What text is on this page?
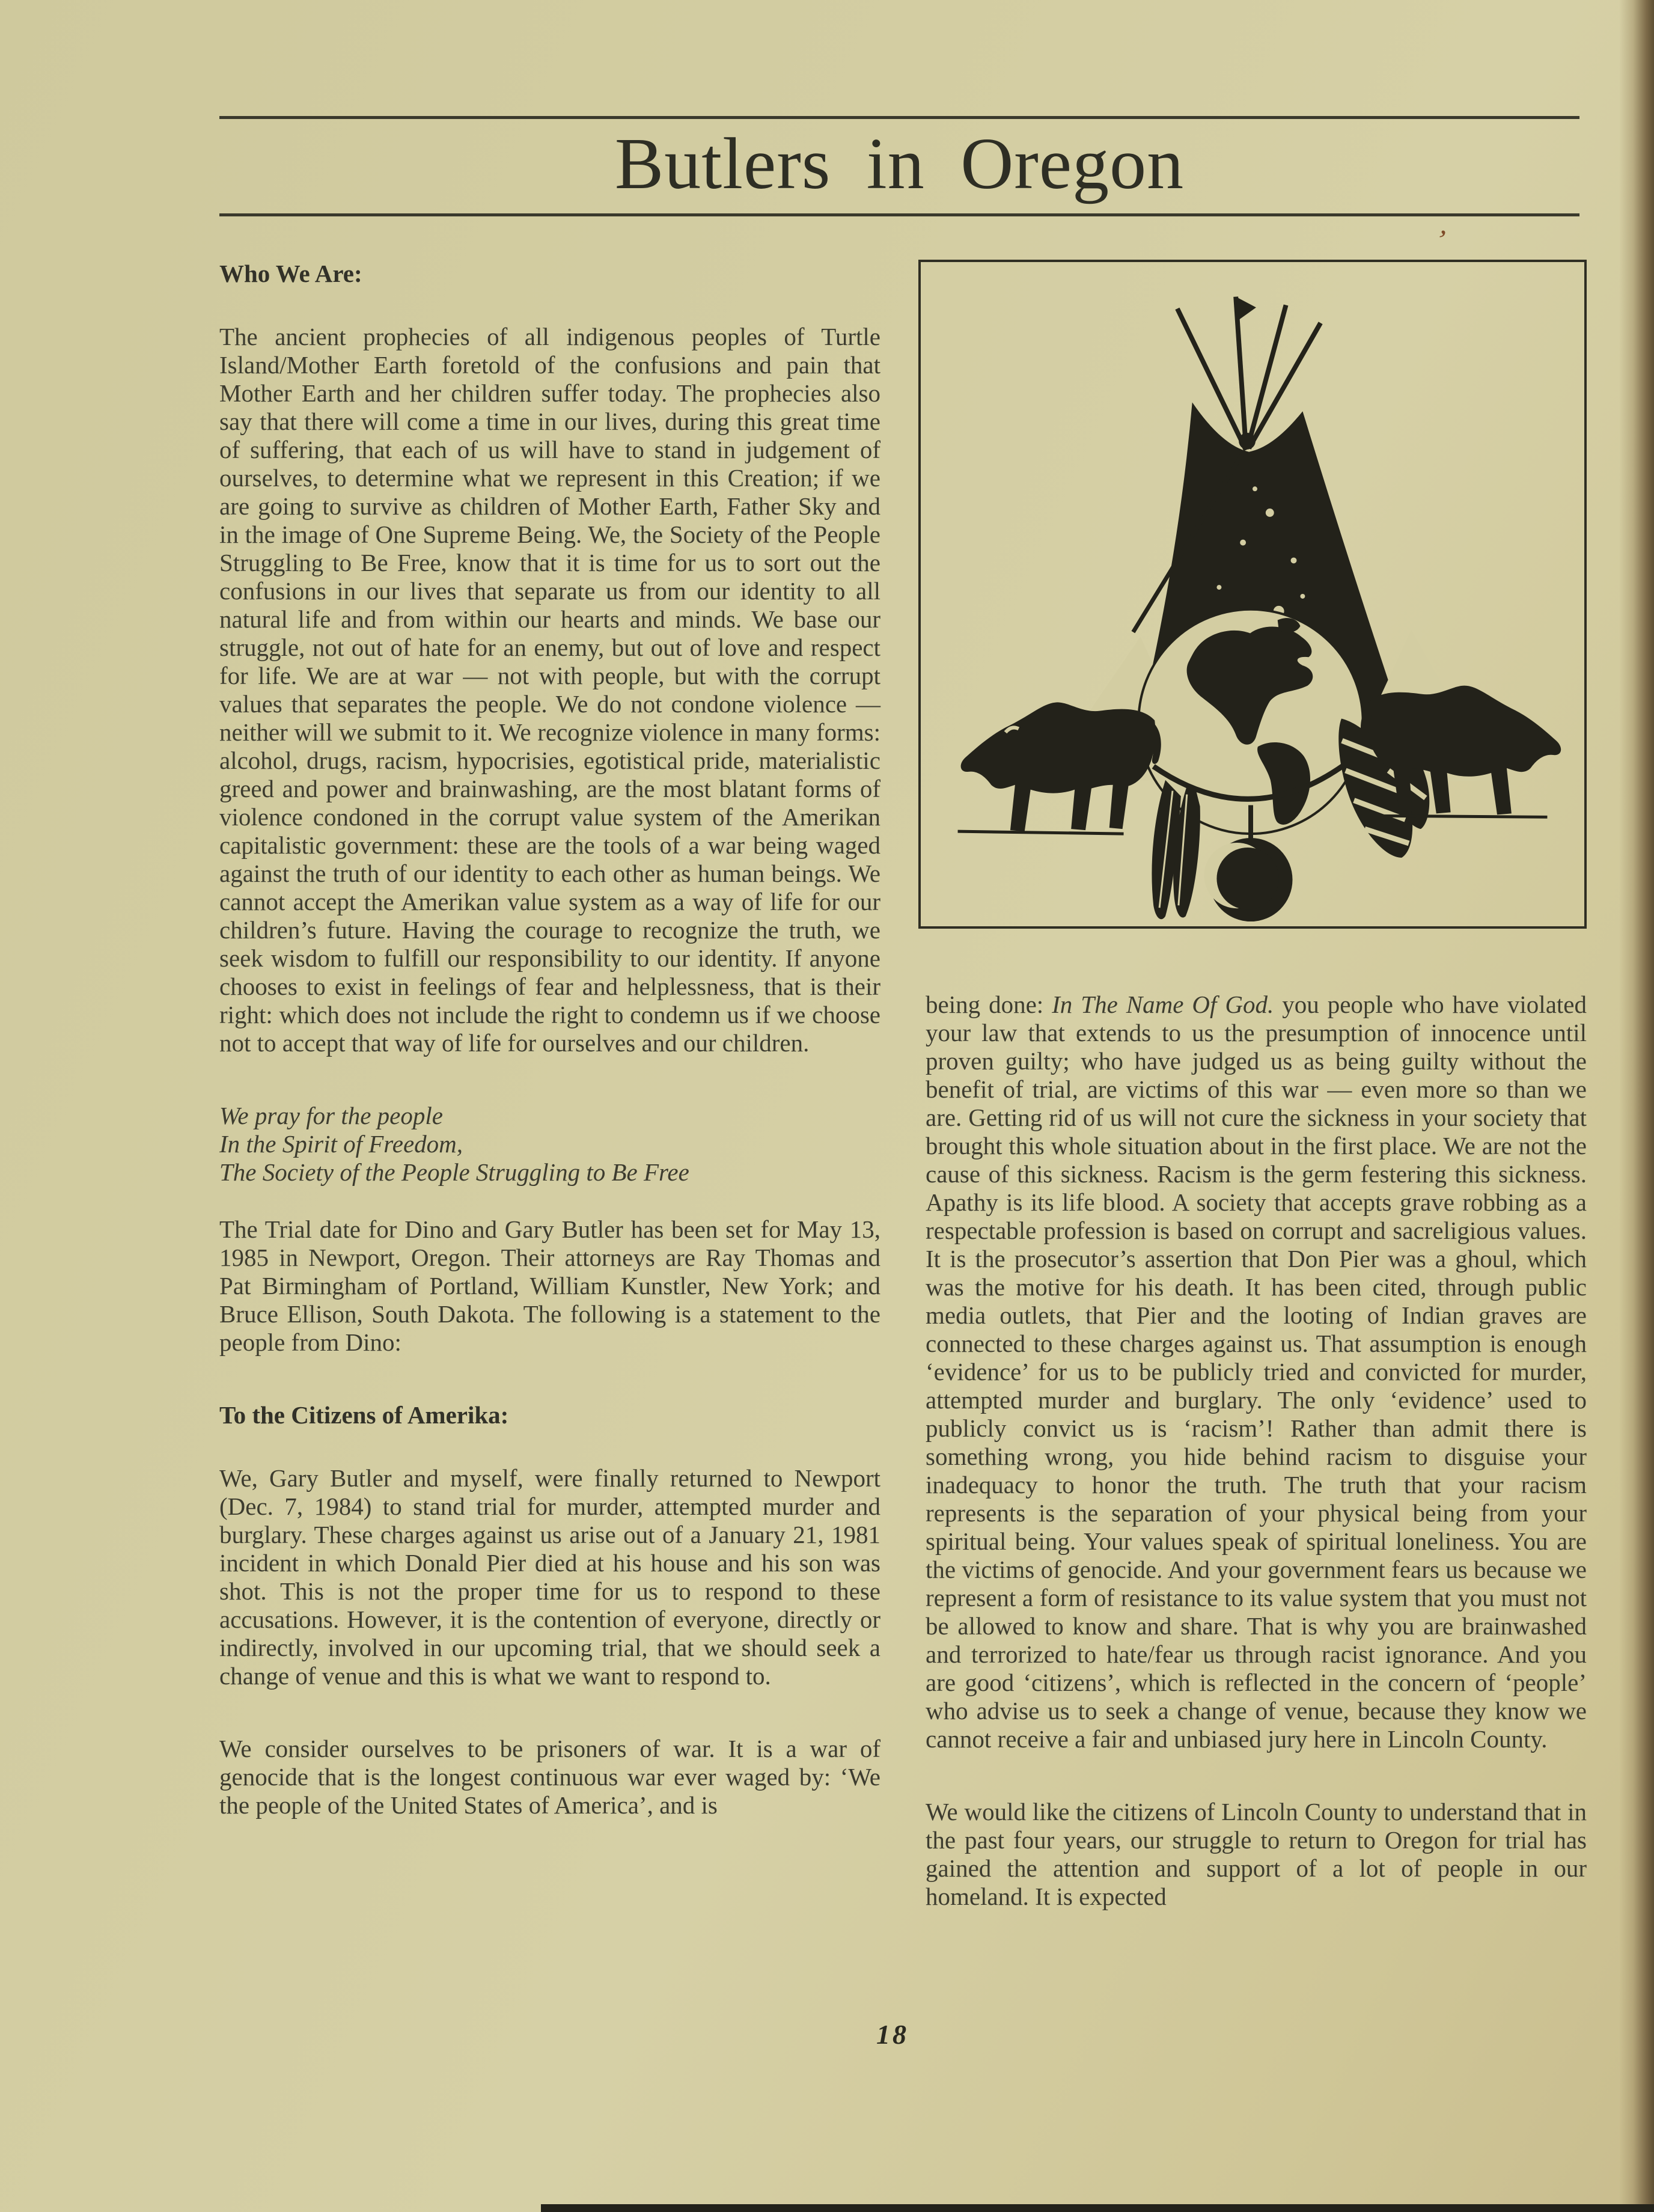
Butlers in Oregon
’

Who We Are:

The ancient prophecies of all indigenous peoples of Turtle Island/Mother Earth foretold of the confusions and pain that Mother Earth and her children suffer today. The prophecies also say that there will come a time in our lives, during this great time of suffering, that each of us will have to stand in judgement of ourselves, to determine what we represent in this Creation; if we are going to survive as children of Mother Earth, Father Sky and in the image of One Supreme Being. We, the Society of the People Struggling to Be Free, know that it is time for us to sort out the confusions in our lives that separate us from our identity to all natural life and from within our hearts and minds. We base our struggle, not out of hate for an enemy, but out of love and respect for life. We are at war — not with people, but with the corrupt values that separates the people. We do not condone violence — neither will we submit to it. We recognize violence in many forms: alcohol, drugs, racism, hypocrisies, egotistical pride, materialistic greed and power and brainwashing, are the most blatant forms of violence condoned in the corrupt value system of the Amerikan capitalistic government: these are the tools of a war being waged against the truth of our identity to each other as human beings. We cannot accept the Amerikan value system as a way of life for our children’s future. Having the courage to recognize the truth, we seek wisdom to fulfill our responsibility to our identity. If anyone chooses to exist in feelings of fear and helplessness, that is their right: which does not include the right to condemn us if we choose not to accept that way of life for ourselves and our children.

We pray for the people

In the Spirit of Freedom,

The Society of the People Struggling to Be Free

The Trial date for Dino and Gary Butler has been set for May 13, 1985 in Newport, Oregon. Their attorneys are Ray Thomas and Pat Birmingham of Portland, William Kunstler, New York; and Bruce Ellison, South Dakota. The following is a statement to the people from Dino:

To the Citizens of Amerika:

We, Gary Butler and myself, were finally returned to Newport (Dec. 7, 1984) to stand trial for murder, attempted murder and burglary. These charges against us arise out of a January 21, 1981 incident in which Donald Pier died at his house and his son was shot. This is not the proper time for us to respond to these accusations. However, it is the contention of everyone, directly or indirectly, involved in our upcoming trial, that we should seek a change of venue and this is what we want to respond to.

We consider ourselves to be prisoners of war. It is a war of genocide that is the longest continuous war ever waged by: ‘We the people of the United States of America’, and is

being done: In The Name Of God. you people who have violated your law that extends to us the presumption of innocence until proven guilty; who have judged us as being guilty without the benefit of trial, are victims of this war — even more so than we are. Getting rid of us will not cure the sickness in your society that brought this whole situation about in the first place. We are not the cause of this sickness. Racism is the germ festering this sickness. Apathy is its life blood. A society that accepts grave robbing as a respectable profession is based on corrupt and sacreligious values. It is the prosecutor’s assertion that Don Pier was a ghoul, which was the motive for his death. It has been cited, through public media outlets, that Pier and the looting of Indian graves are connected to these charges against us. That assumption is enough ‘evidence’ for us to be publicly tried and convicted for murder, attempted murder and burglary. The only ‘evidence’ used to publicly convict us is ‘racism’! Rather than admit there is something wrong, you hide behind racism to disguise your inadequacy to honor the truth. The truth that your racism represents is the separation of your physical being from your spiritual being. Your values speak of spiritual loneliness. You are the victims of genocide. And your government fears us because we represent a form of resistance to its value system that you must not be allowed to know and share. That is why you are brainwashed and terrorized to hate/fear us through racist ignorance. And you are good ‘citizens’, which is reflected in the concern of ‘people’ who advise us to seek a change of venue, because they know we cannot receive a fair and unbiased jury here in Lincoln County.

We would like the citizens of Lincoln County to understand that in the past four years, our struggle to return to Oregon for trial has gained the attention and support of a lot of people in our homeland. It is expected

18
